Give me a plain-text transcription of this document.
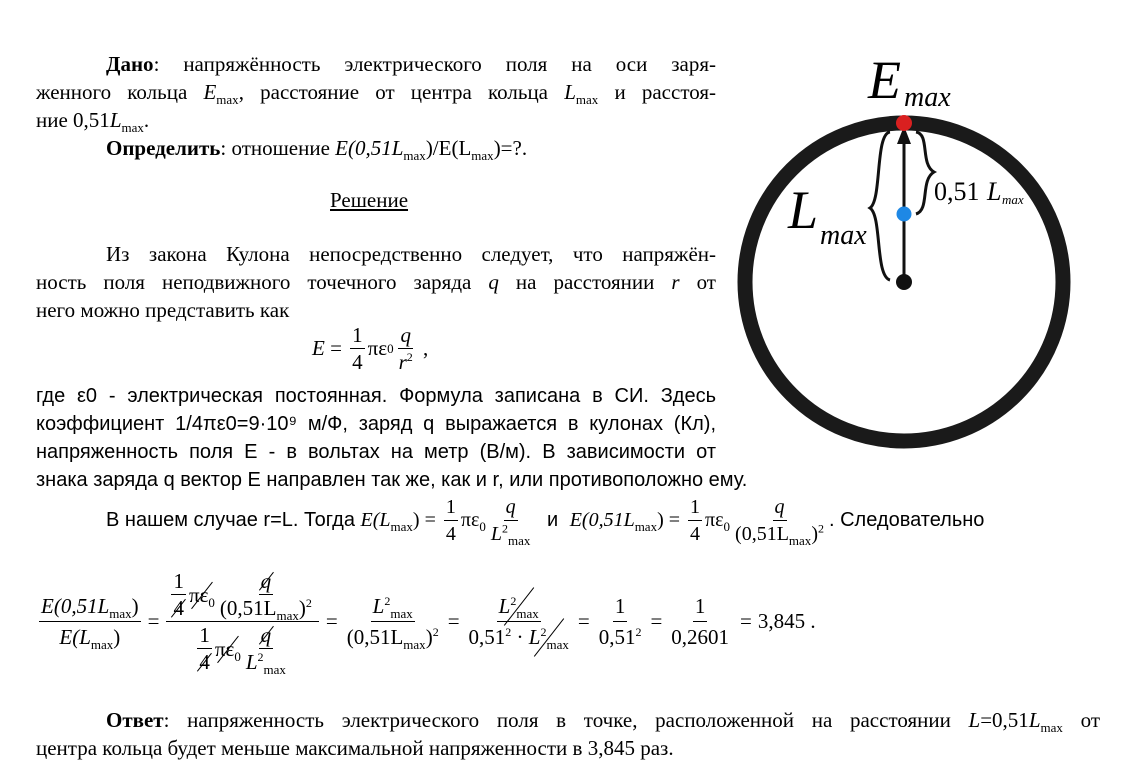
Дано: напряжённость электрического поля на оси заря-
женного кольца $E_{max}$, расстояние от центра кольца $L_{max}$ и расстоя-
ние $0,51L_{max}$.
Определить: отношение $E(0,51L_{max})/E(L_{max})=$?.
Решение
Из закона Кулона непосредственно следует, что напряжён-
ность поля неподвижного точечного заряда q на расстоянии r от
него можно представить как
$E = \frac{1}{4}$ πε $0 \frac{q}{r^2}$ ,
где ε0 - электрическая постоянная. Формула записана в СИ. Здесь
коэффициент 1/4πε0=9·10⁹ м/Ф, заряд q выражается в кулонах (Кл),
напряженность поля E - в вольтах на метр (В/м). В зависимости от
знака заряда q вектор E направлен так же, как и r, или противоположно ему.
В нашем случае r=L. Тогда $E(L_{max}) = \frac{1}{4} \pi\varepsilon_0 \frac{q}{L^2_{max}}$ и $E(0,51L_{max}) = \frac{1}{4} \pi\varepsilon_0 \frac{q}{(0,51L_{max})^2}$ . Следовательно
$\frac{E(0,51L_{max})}{E(L_{max})} = \frac{\frac{1}{4} \pi\varepsilon_0 \frac{q}{(0,51L_{max})^2}}{\frac{1}{4} \pi\varepsilon_0 \frac{q}{L^2_{max}}} = \frac{L^2_{max}}{(0,51L_{max})^2} = \frac{L^2_{max}}{0,51^2 \cdot L^2_{max}} = \frac{1}{0,51^2} = \frac{1}{0,2601} = 3,845$ .
Ответ: напряженность электрического поля в точке, расположенной на расстоянии $L=0,51L_{max}$ от
центра кольца будет меньше максимальной напряженности в 3,845 раз.
E max
L max
0,51 L max
